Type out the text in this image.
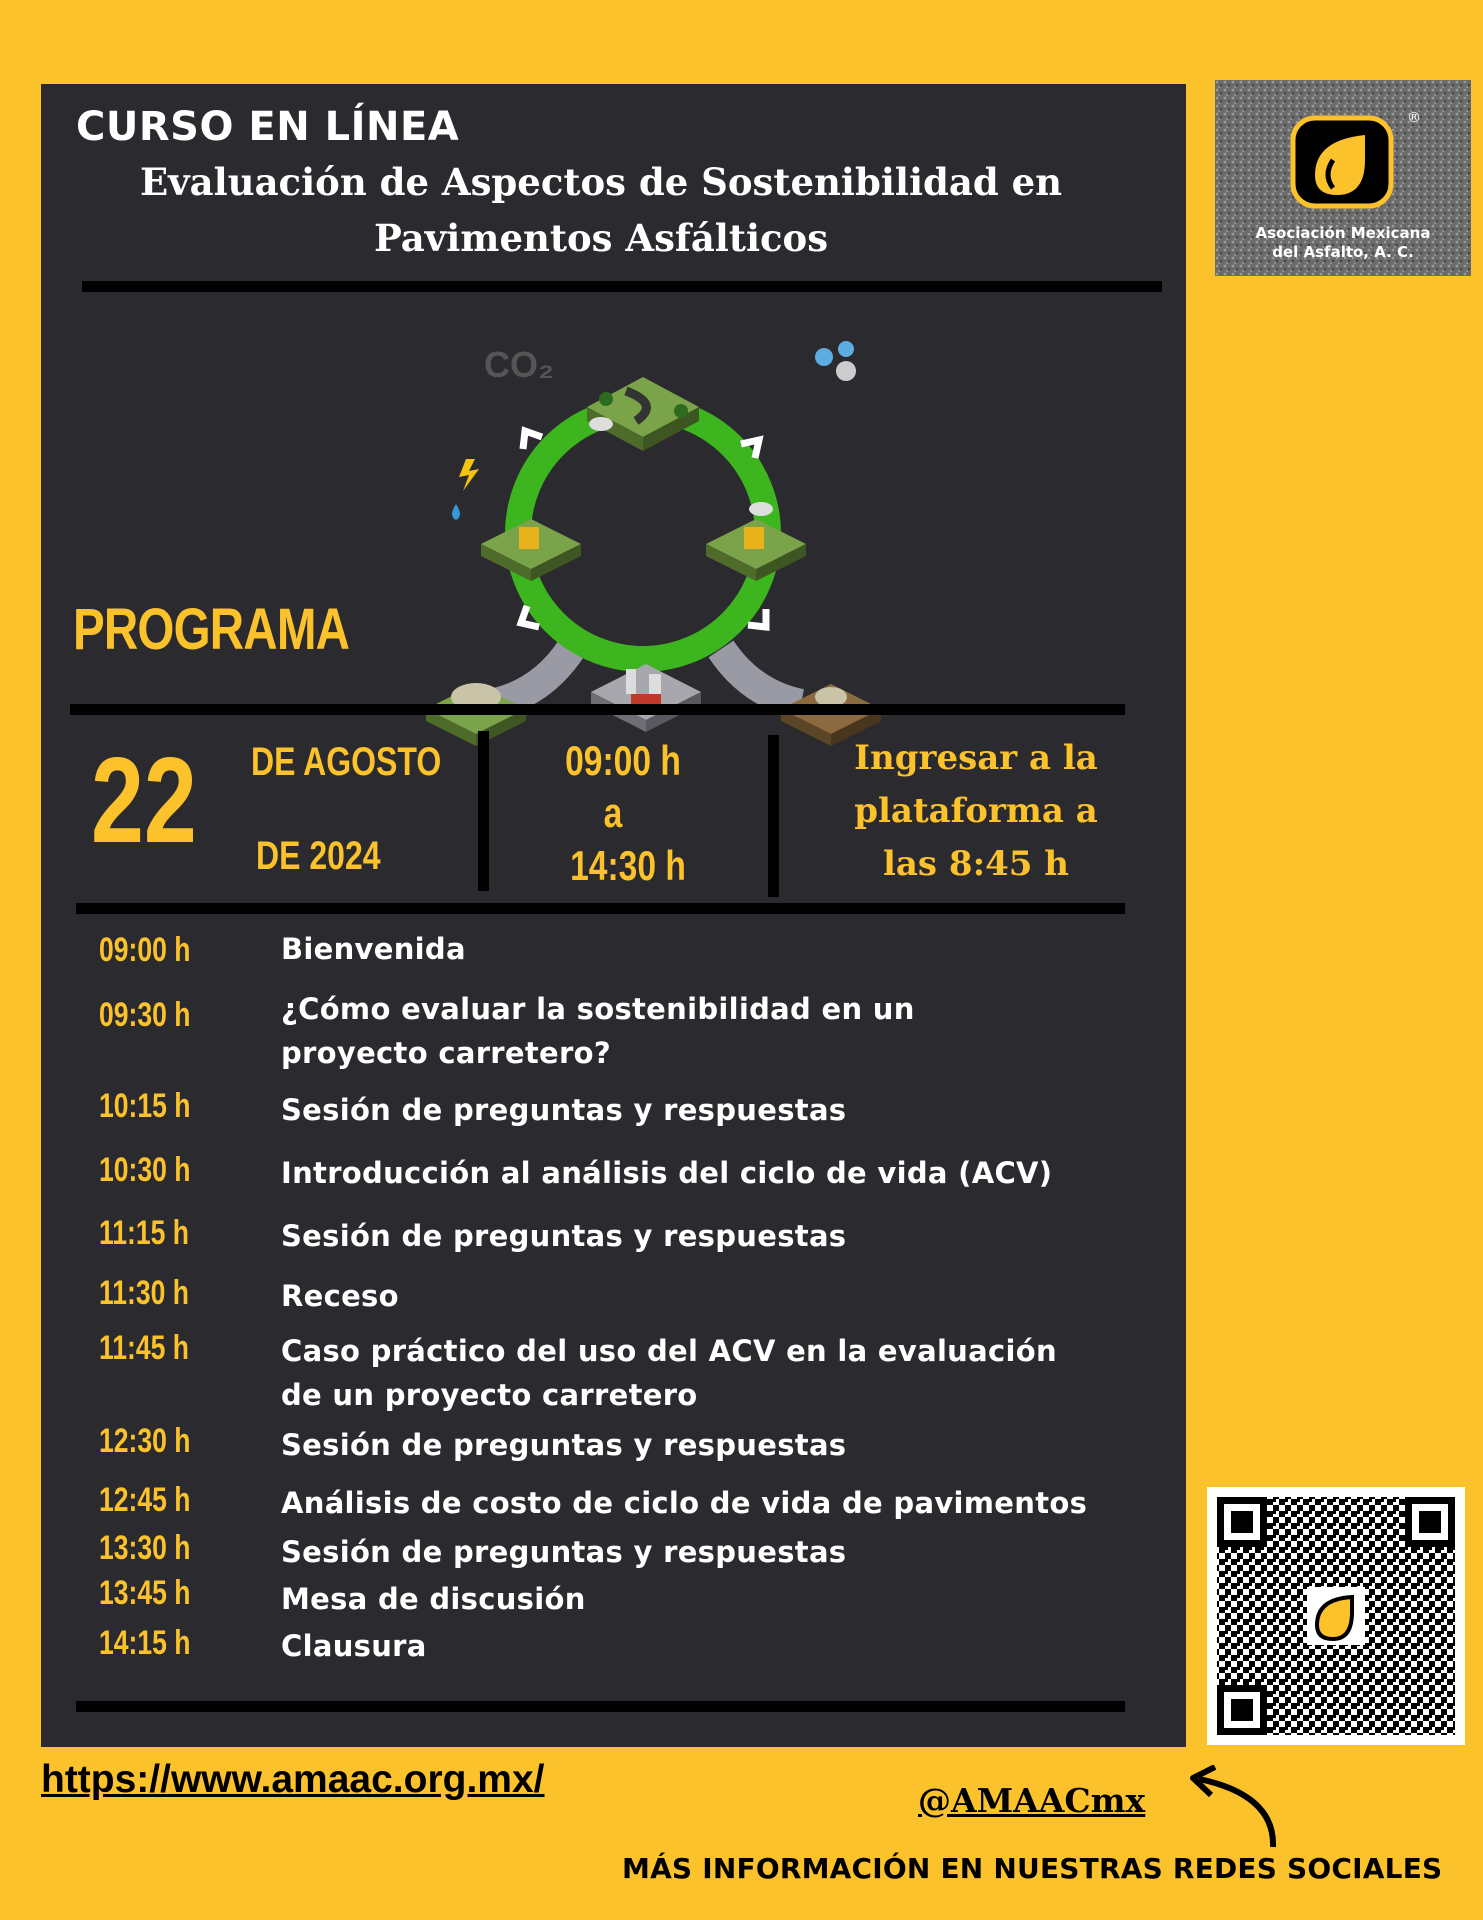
CURSO EN LÍNEA
Evaluación de Aspectos de Sostenibilidad en
Pavimentos Asfálticos
CO₂
PROGRAMA
22 DE AGOSTO
DE 2024
09:00 h
a
14:30 h
Ingresar a la
plataforma a
las 8:45 h
09:00 h	Bienvenida
09:30 h	¿Cómo evaluar la sostenibilidad en un
proyecto carretero?
10:15 h	Sesión de preguntas y respuestas
10:30 h	Introducción al análisis del ciclo de vida (ACV)
11:15 h	Sesión de preguntas y respuestas
11:30 h	Receso
11:45 h	Caso práctico del uso del ACV en la evaluación
de un proyecto carretero
12:30 h	Sesión de preguntas y respuestas
12:45 h	Análisis de costo de ciclo de vida de pavimentos
13:30 h	Sesión de preguntas y respuestas
13:45 h	Mesa de discusión
14:15 h	Clausura
®
Asociación Mexicana
del Asfalto, A. C.
https://www.amaac.org.mx/	@AMAACmx
MÁS INFORMACIÓN EN NUESTRAS REDES SOCIALES
